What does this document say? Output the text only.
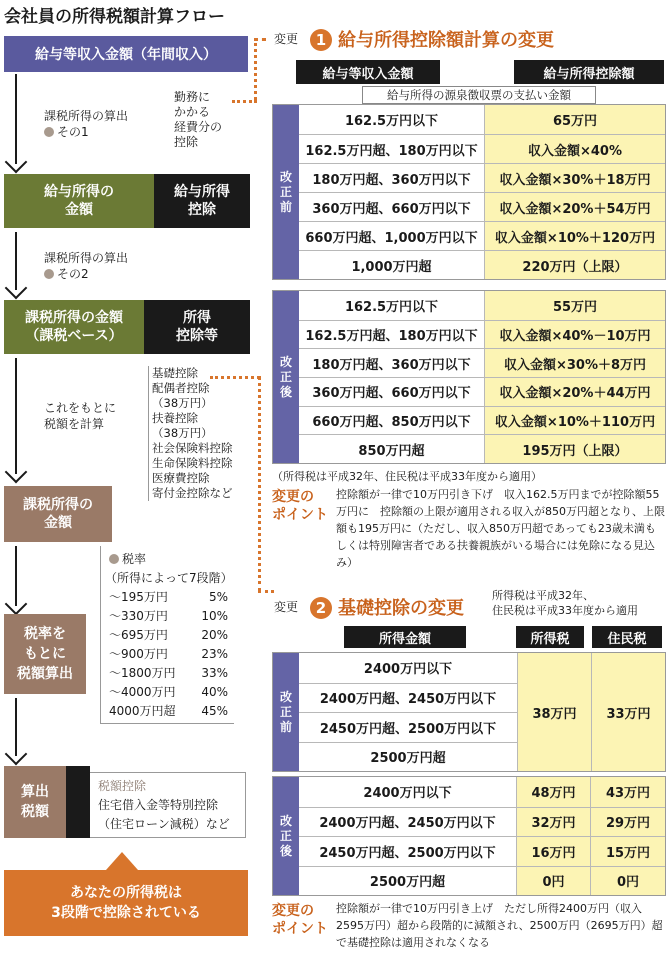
会社員の所得税額計算フロー
給与等収入金額（年間収入）
課税所得の算出
その1
勤務に
かかる
経費分の
控除
給与所得の
金額
給与所得
控除
課税所得の算出
その2
課税所得の金額
（課税ベース）
所得
控除等
基礎控除
配偶者控除
（38万円）
扶養控除
（38万円）
社会保険料控除
生命保険料控除
医療費控除
寄付金控除など
これをもとに
税額を計算
課税所得の
金額
税率
（所得によって7段階）
～195万円	5%
～330万円	10%
～695万円	20%
～900万円	23%
～1800万円 33%
～4000万円 40%
4000万円超 45%
税率を
もとに
税額算出
算出
税額
税額控除
住宅借入金等特別控除
（住宅ローン減税）など
あなたの所得税は
3段階で控除されている
変更	1 給与所得控除額計算の変更
給与等収入金額	給与所得控除額
給与所得の源泉徴収票の支払い金額
改
正
前
162.5万円以下	65万円
162.5万円超、180万円以下	収入金額×40%
180万円超、360万円以下	収入金額×30%＋18万円
360万円超、660万円以下	収入金額×20%＋54万円
660万円超、1,000万円以下	収入金額×10%＋120万円
1,000万円超	220万円（上限）
改
正
後
162.5万円以下	55万円
162.5万円超、180万円以下	収入金額×40%－10万円
180万円超、360万円以下	収入金額×30%＋8万円
360万円超、660万円以下	収入金額×20%＋44万円
660万円超、850万円以下	収入金額×10%＋110万円
850万円超	195万円（上限）
（所得税は平成32年、住民税は平成33年度から適用）
変更の
ポイント
控除額が一律で10万円引き下げ　収入162.5万円までが控除額55万円に　控除額の上限が適用される収入が850万円超となり、上限額も195万円に（ただし、収入850万円超であっても23歳未満もしくは特別障害者である扶養親族がいる場合には免除になる見込み）
変更	2 基礎控除の変更
所得税は平成32年、
住民税は平成33年度から適用
所得金額	所得税	住民税
改
正
前
2400万円以下
2400万円超、2450万円以下
2450万円超、2500万円以下
2500万円超
38万円	33万円
改
正
後
2400万円以下	48万円	43万円
2400万円超、2450万円以下	32万円	29万円
2450万円超、2500万円以下	16万円	15万円
2500万円超	0円	0円
変更の
ポイント
控除額が一律で10万円引き上げ　ただし所得2400万円（収入2595万円）超から段階的に減額され、2500万円（2695万円）超で基礎控除は適用されなくなる
